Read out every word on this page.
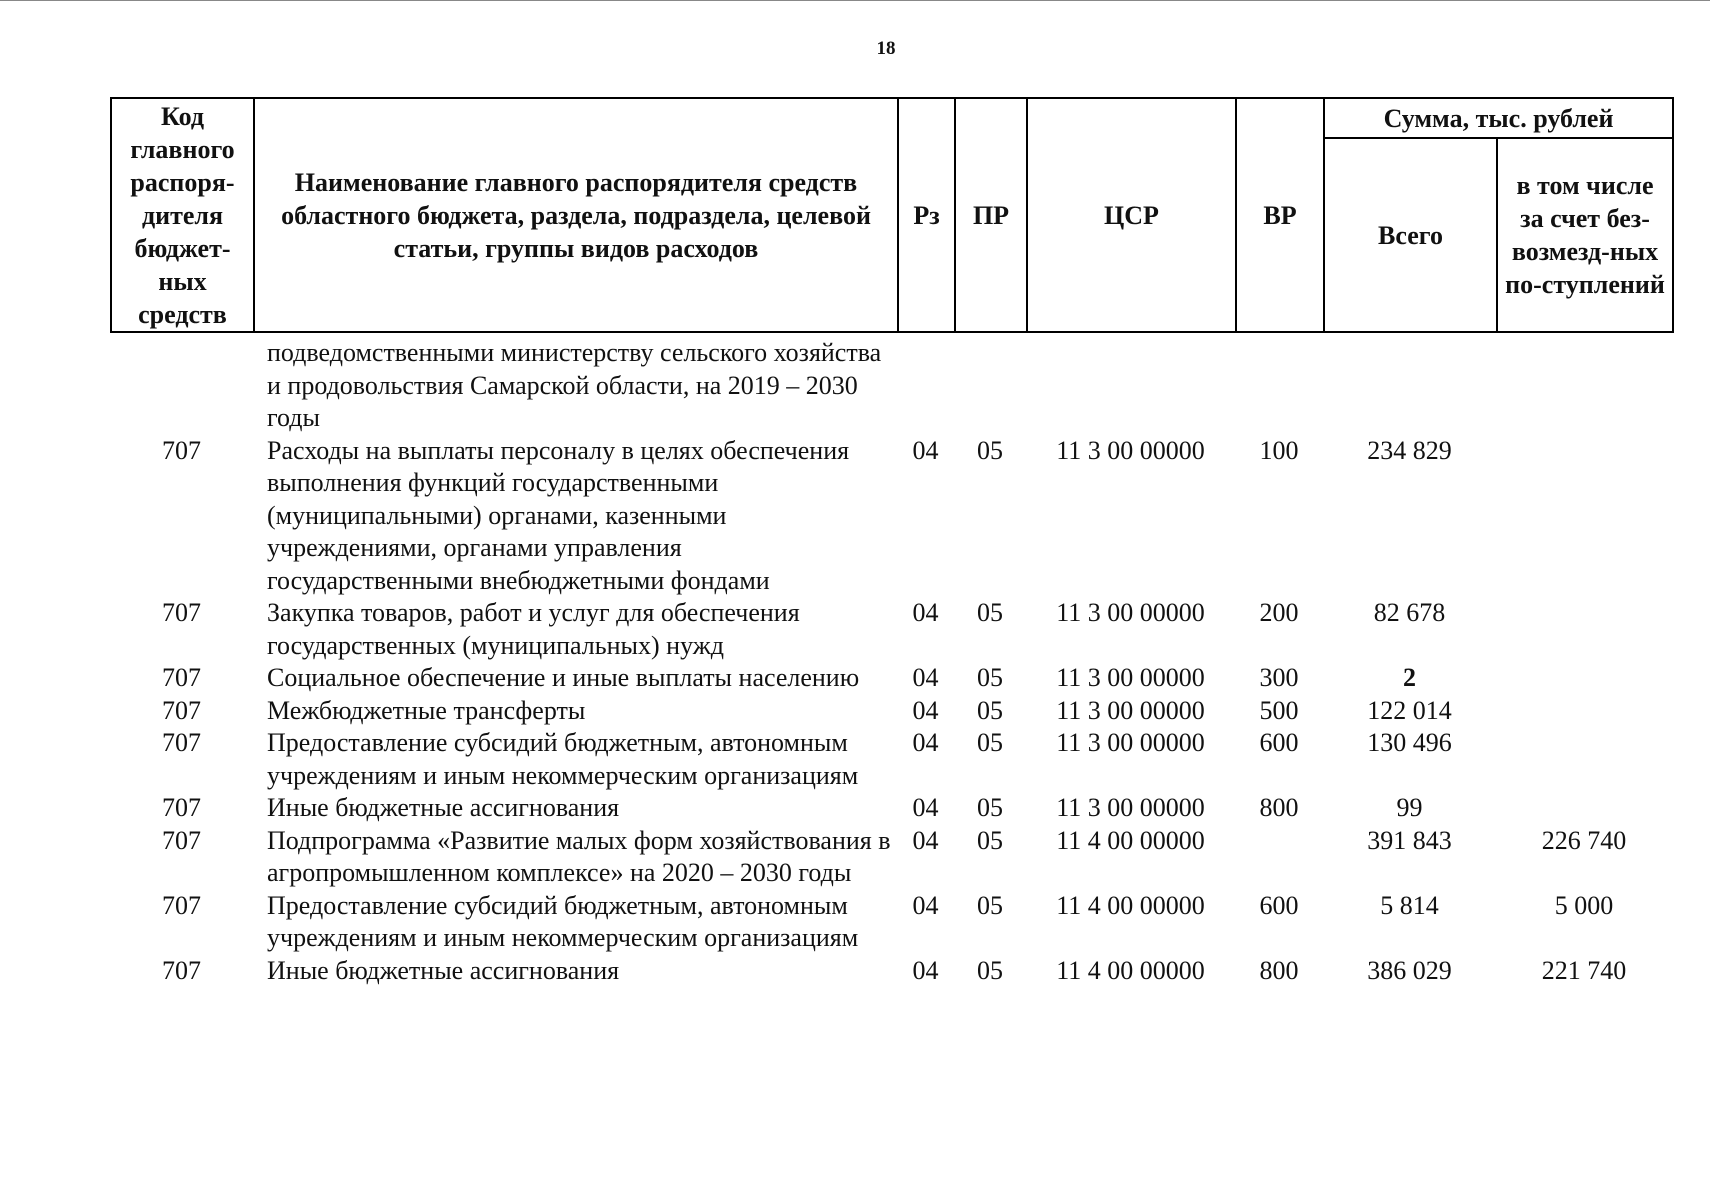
18
Код главного распоря-дителя бюджет-ных средств	Наименование главного распорядителя средств областного бюджета, раздела, подраздела, целевой статьи, группы видов расходов	Рз	ПР	ЦСР	ВР	Сумма, тыс. рублей	
						Всего	в том числе за счет без-возмезд-ных по-ступлений
	подведомственными министерству сельского хозяйства и продовольствия Самарской области, на 2019 – 2030 годы						
707	Расходы на выплаты персоналу в целях обеспечения выполнения функций государственными (муниципальными) органами, казенными учреждениями, органами управления государственными внебюджетными фондами	04	05	11 3 00 00000	100	234 829	
707	Закупка товаров, работ и услуг для обеспечения государственных (муниципальных) нужд	04	05	11 3 00 00000	200	82 678	
707	Социальное обеспечение и иные выплаты населению	04	05	11 3 00 00000	300	2	
707	Межбюджетные трансферты	04	05	11 3 00 00000	500	122 014	
707	Предоставление субсидий бюджетным, автономным учреждениям и иным некоммерческим организациям	04	05	11 3 00 00000	600	130 496	
707	Иные бюджетные ассигнования	04	05	11 3 00 00000	800	99	
707	Подпрограмма «Развитие малых форм хозяйствования в агропромышленном комплексе» на 2020 – 2030 годы	04	05	11 4 00 00000		391 843	226 740
707	Предоставление субсидий бюджетным, автономным учреждениям и иным некоммерческим организациям	04	05	11 4 00 00000	600	5 814	5 000
707	Иные бюджетные ассигнования	04	05	11 4 00 00000	800	386 029	221 740
